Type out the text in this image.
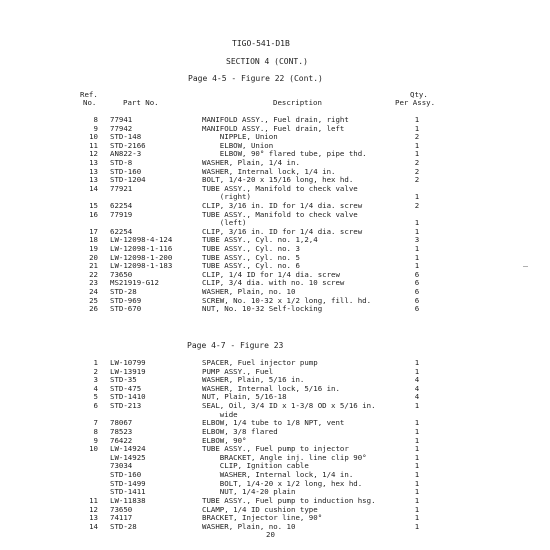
TIGO-541-D1B
SECTION 4 (CONT.)
Page 4-5 - Figure 22 (Cont.)
Ref.
No.	Part No.	Description
Qty.
Per Assy.
8 77941	MANIFOLD ASSY., Fuel drain, right	1
9 77942	MANIFOLD ASSY., Fuel drain, left	1
10 STD-148	NIPPLE, Union	2
11 STD-2166	ELBOW, Union	1
12 AN822-3	ELBOW, 90° flared tube, pipe thd.	1
13 STD-8	WASHER, Plain, 1/4 in.	2
13 STD-160	WASHER, Internal lock, 1/4 in.	2
13 STD-1204	BOLT, 1/4-20 x 15/16 long, hex hd.	2
14 77921	TUBE ASSY., Manifold to check valve
(right)	1
15 62254	CLIP, 3/16 in. ID for 1/4 dia. screw	2
16 77919	TUBE ASSY., Manifold to check valve
(left)	1
17 62254	CLIP, 3/16 in. ID for 1/4 dia. screw	1
18 LW-12098-4-124	TUBE ASSY., Cyl. no. 1,2,4	3
19 LW-12098-1-116	TUBE ASSY., Cyl. no. 3	1
20 LW-12098-1-200	TUBE ASSY., Cyl. no. 5	1
21 LW-12098-1-183	TUBE ASSY., Cyl. no. 6	1
22 73650	CLIP, 1/4 ID for 1/4 dia. screw	6
23 MS21919-G12	CLIP, 3/4 dia. with no. 10 screw	6
24 STD-28	WASHER, Plain, no. 10	6
25 STD-969	SCREW, No. 10-32 x 1/2 long, fill. hd.	6
26 STD-670	NUT, No. 10-32 Self-locking	6
Page 4-7 - Figure 23
1 LW-10799	SPACER, Fuel injector pump	1
2 LW-13919	PUMP ASSY., Fuel	1
3 STD-35	WASHER, Plain, 5/16 in.	4
4 STD-475	WASHER, Internal lock, 5/16 in.	4
5 STD-1410	NUT, Plain, 5/16-18	4
6 STD-213	SEAL, Oil, 3/4 ID x 1-3/8 OD x 5/16 in.	1
wide
7 78067	ELBOW, 1/4 tube to 1/8 NPT, vent	1
8 78523	ELBOW, 3/8 flared	1
9 76422	ELBOW, 90°	1
10 LW-14924	TUBE ASSY., Fuel pump to injector	1
LW-14925	BRACKET, Angle inj. line clip 90°	1
73034	CLIP, Ignition cable	1
STD-160	WASHER, Internal lock, 1/4 in.	1
STD-1499	BOLT, 1/4-20 x 1/2 long, hex hd.	1
STD-1411	NUT, 1/4-20 plain	1
11 LW-11838	TUBE ASSY., Fuel pump to induction hsg.	1
12 73650	CLAMP, 1/4 ID cushion type	1
13 74117	BRACKET, Injector line, 90°	1
14 STD-28	WASHER, Plain, no. 10	1
20
